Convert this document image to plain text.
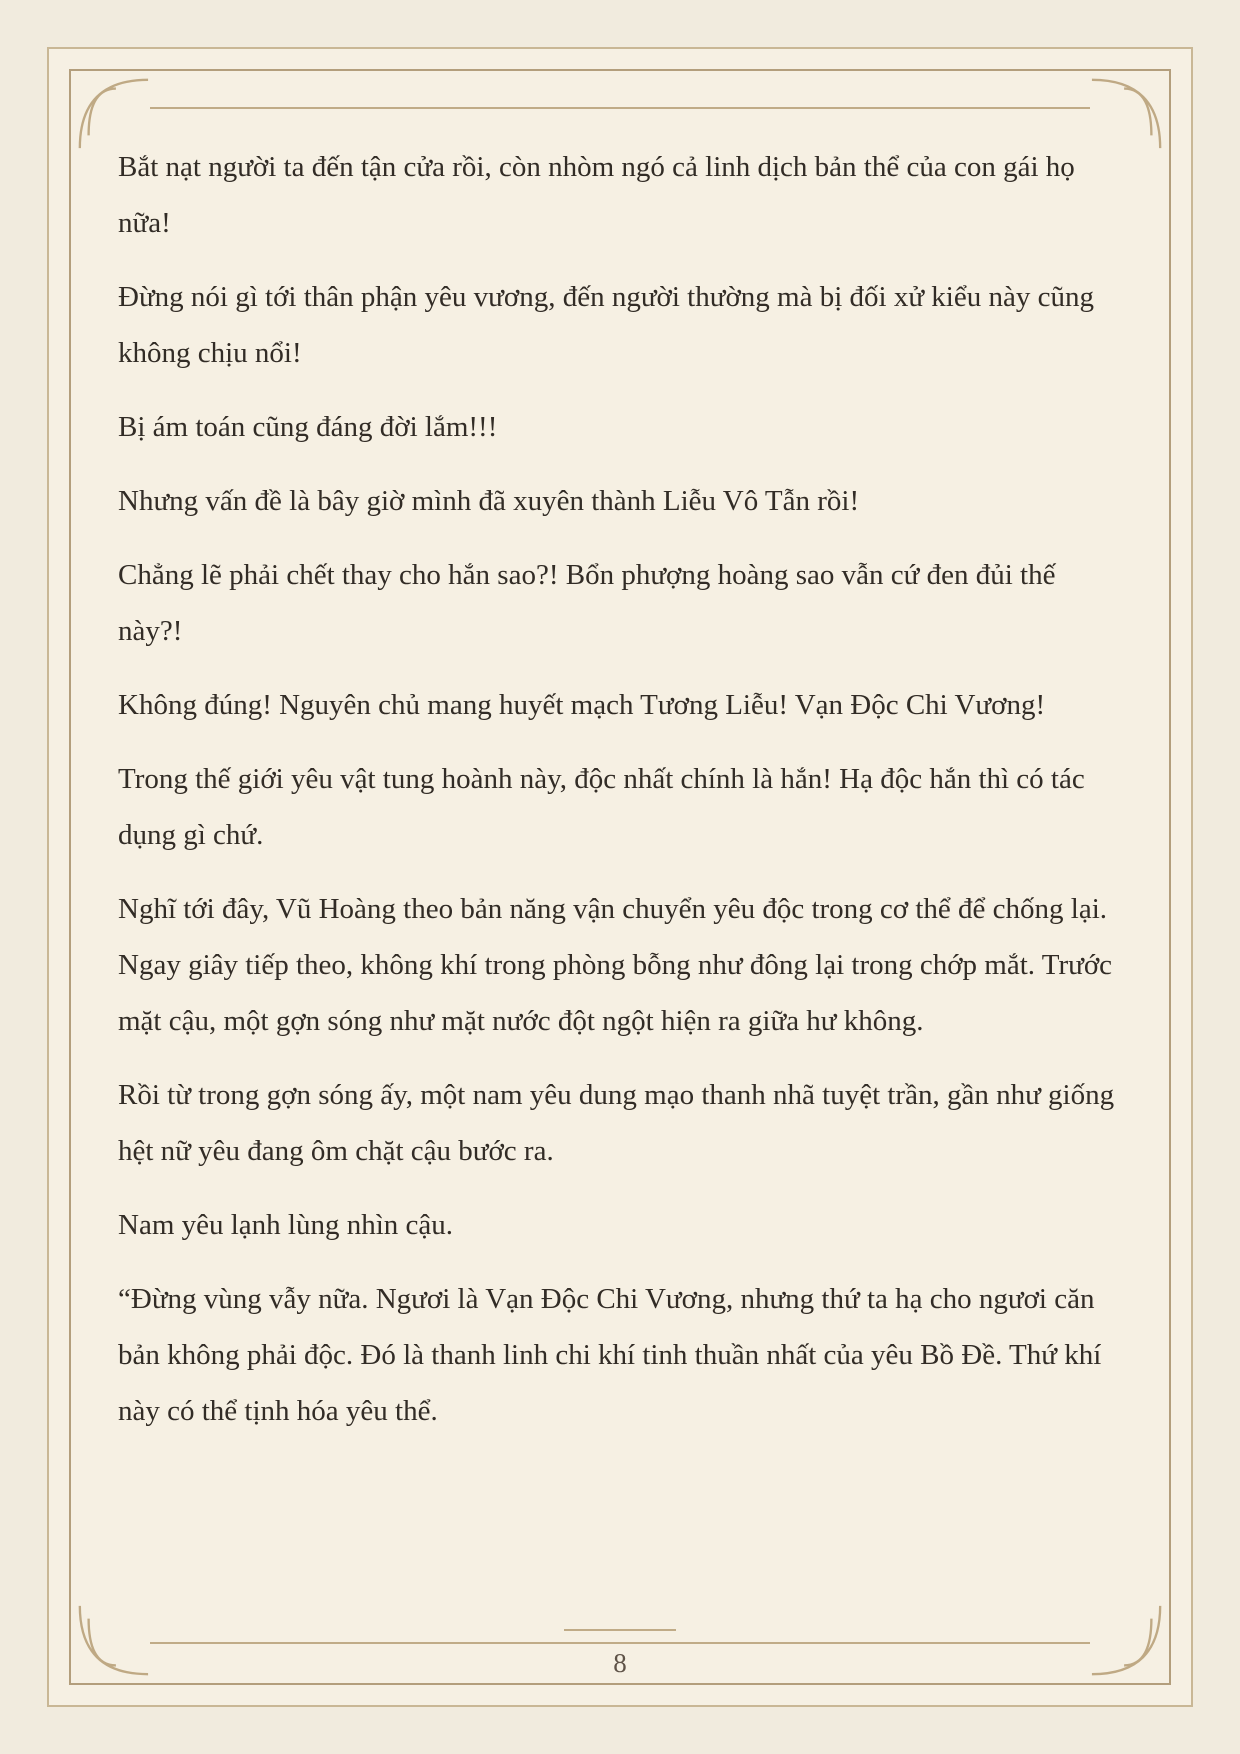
Bắt nạt người ta đến tận cửa rồi, còn nhòm ngó cả linh dịch bản thể của con gái họ nữa!

Đừng nói gì tới thân phận yêu vương, đến người thường mà bị đối xử kiểu này cũng không chịu nổi!

Bị ám toán cũng đáng đời lắm!!!

Nhưng vấn đề là bây giờ mình đã xuyên thành Liễu Vô Tẫn rồi!

Chẳng lẽ phải chết thay cho hắn sao?! Bổn phượng hoàng sao vẫn cứ đen đủi thế này?!

Không đúng! Nguyên chủ mang huyết mạch Tương Liễu! Vạn Độc Chi Vương!

Trong thế giới yêu vật tung hoành này, độc nhất chính là hắn! Hạ độc hắn thì có tác dụng gì chứ.

Nghĩ tới đây, Vũ Hoàng theo bản năng vận chuyển yêu độc trong cơ thể để chống lại. Ngay giây tiếp theo, không khí trong phòng bỗng như đông lại trong chớp mắt. Trước mặt cậu, một gợn sóng như mặt nước đột ngột hiện ra giữa hư không.

Rồi từ trong gợn sóng ấy, một nam yêu dung mạo thanh nhã tuyệt trần, gần như giống hệt nữ yêu đang ôm chặt cậu bước ra.

Nam yêu lạnh lùng nhìn cậu.

“Đừng vùng vẫy nữa. Ngươi là Vạn Độc Chi Vương, nhưng thứ ta hạ cho ngươi căn bản không phải độc. Đó là thanh linh chi khí tinh thuần nhất của yêu Bồ Đề. Thứ khí này có thể tịnh hóa yêu thể.

8
